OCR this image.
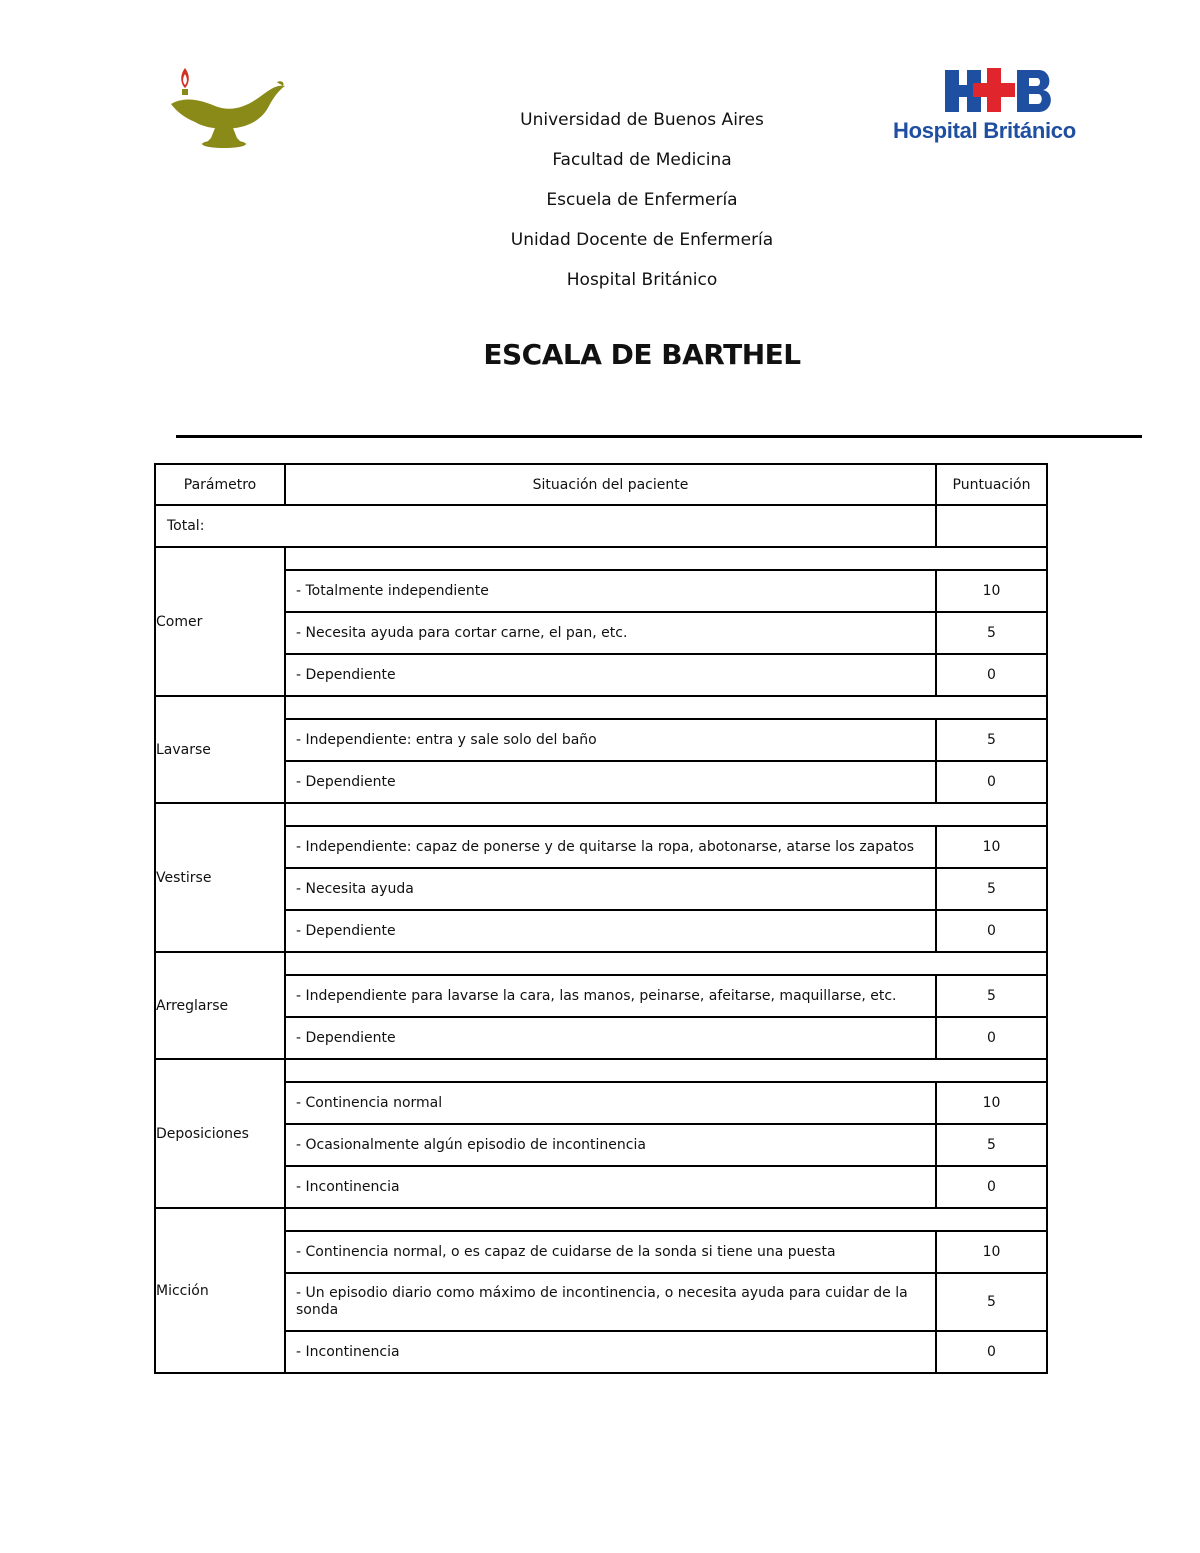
Hospital Británico
Universidad de Buenos Aires
Facultad de Medicina
Escuela de Enfermería
Unidad Docente de Enfermería
Hospital Británico
ESCALA DE BARTHEL
Parámetro	Situación del paciente	Puntuación
Total:		
Comer		
	- Totalmente independiente	10
	- Necesita ayuda para cortar carne, el pan, etc.	5
	- Dependiente	0
Lavarse		
	- Independiente: entra y sale solo del baño	5
	- Dependiente	0
Vestirse		
	- Independiente: capaz de ponerse y de quitarse la ropa, abotonarse, atarse los zapatos	10
	- Necesita ayuda	5
	- Dependiente	0
Arreglarse		
	- Independiente para lavarse la cara, las manos, peinarse, afeitarse, maquillarse, etc.	5
	- Dependiente	0
Deposiciones		
	- Continencia normal	10
	- Ocasionalmente algún episodio de incontinencia	5
	- Incontinencia	0
Micción		
	- Continencia normal, o es capaz de cuidarse de la sonda si tiene una puesta	10

	- Un episodio diario como máximo de incontinencia, o necesita ayuda para cuidar de la sonda	5
	- Incontinencia	0
